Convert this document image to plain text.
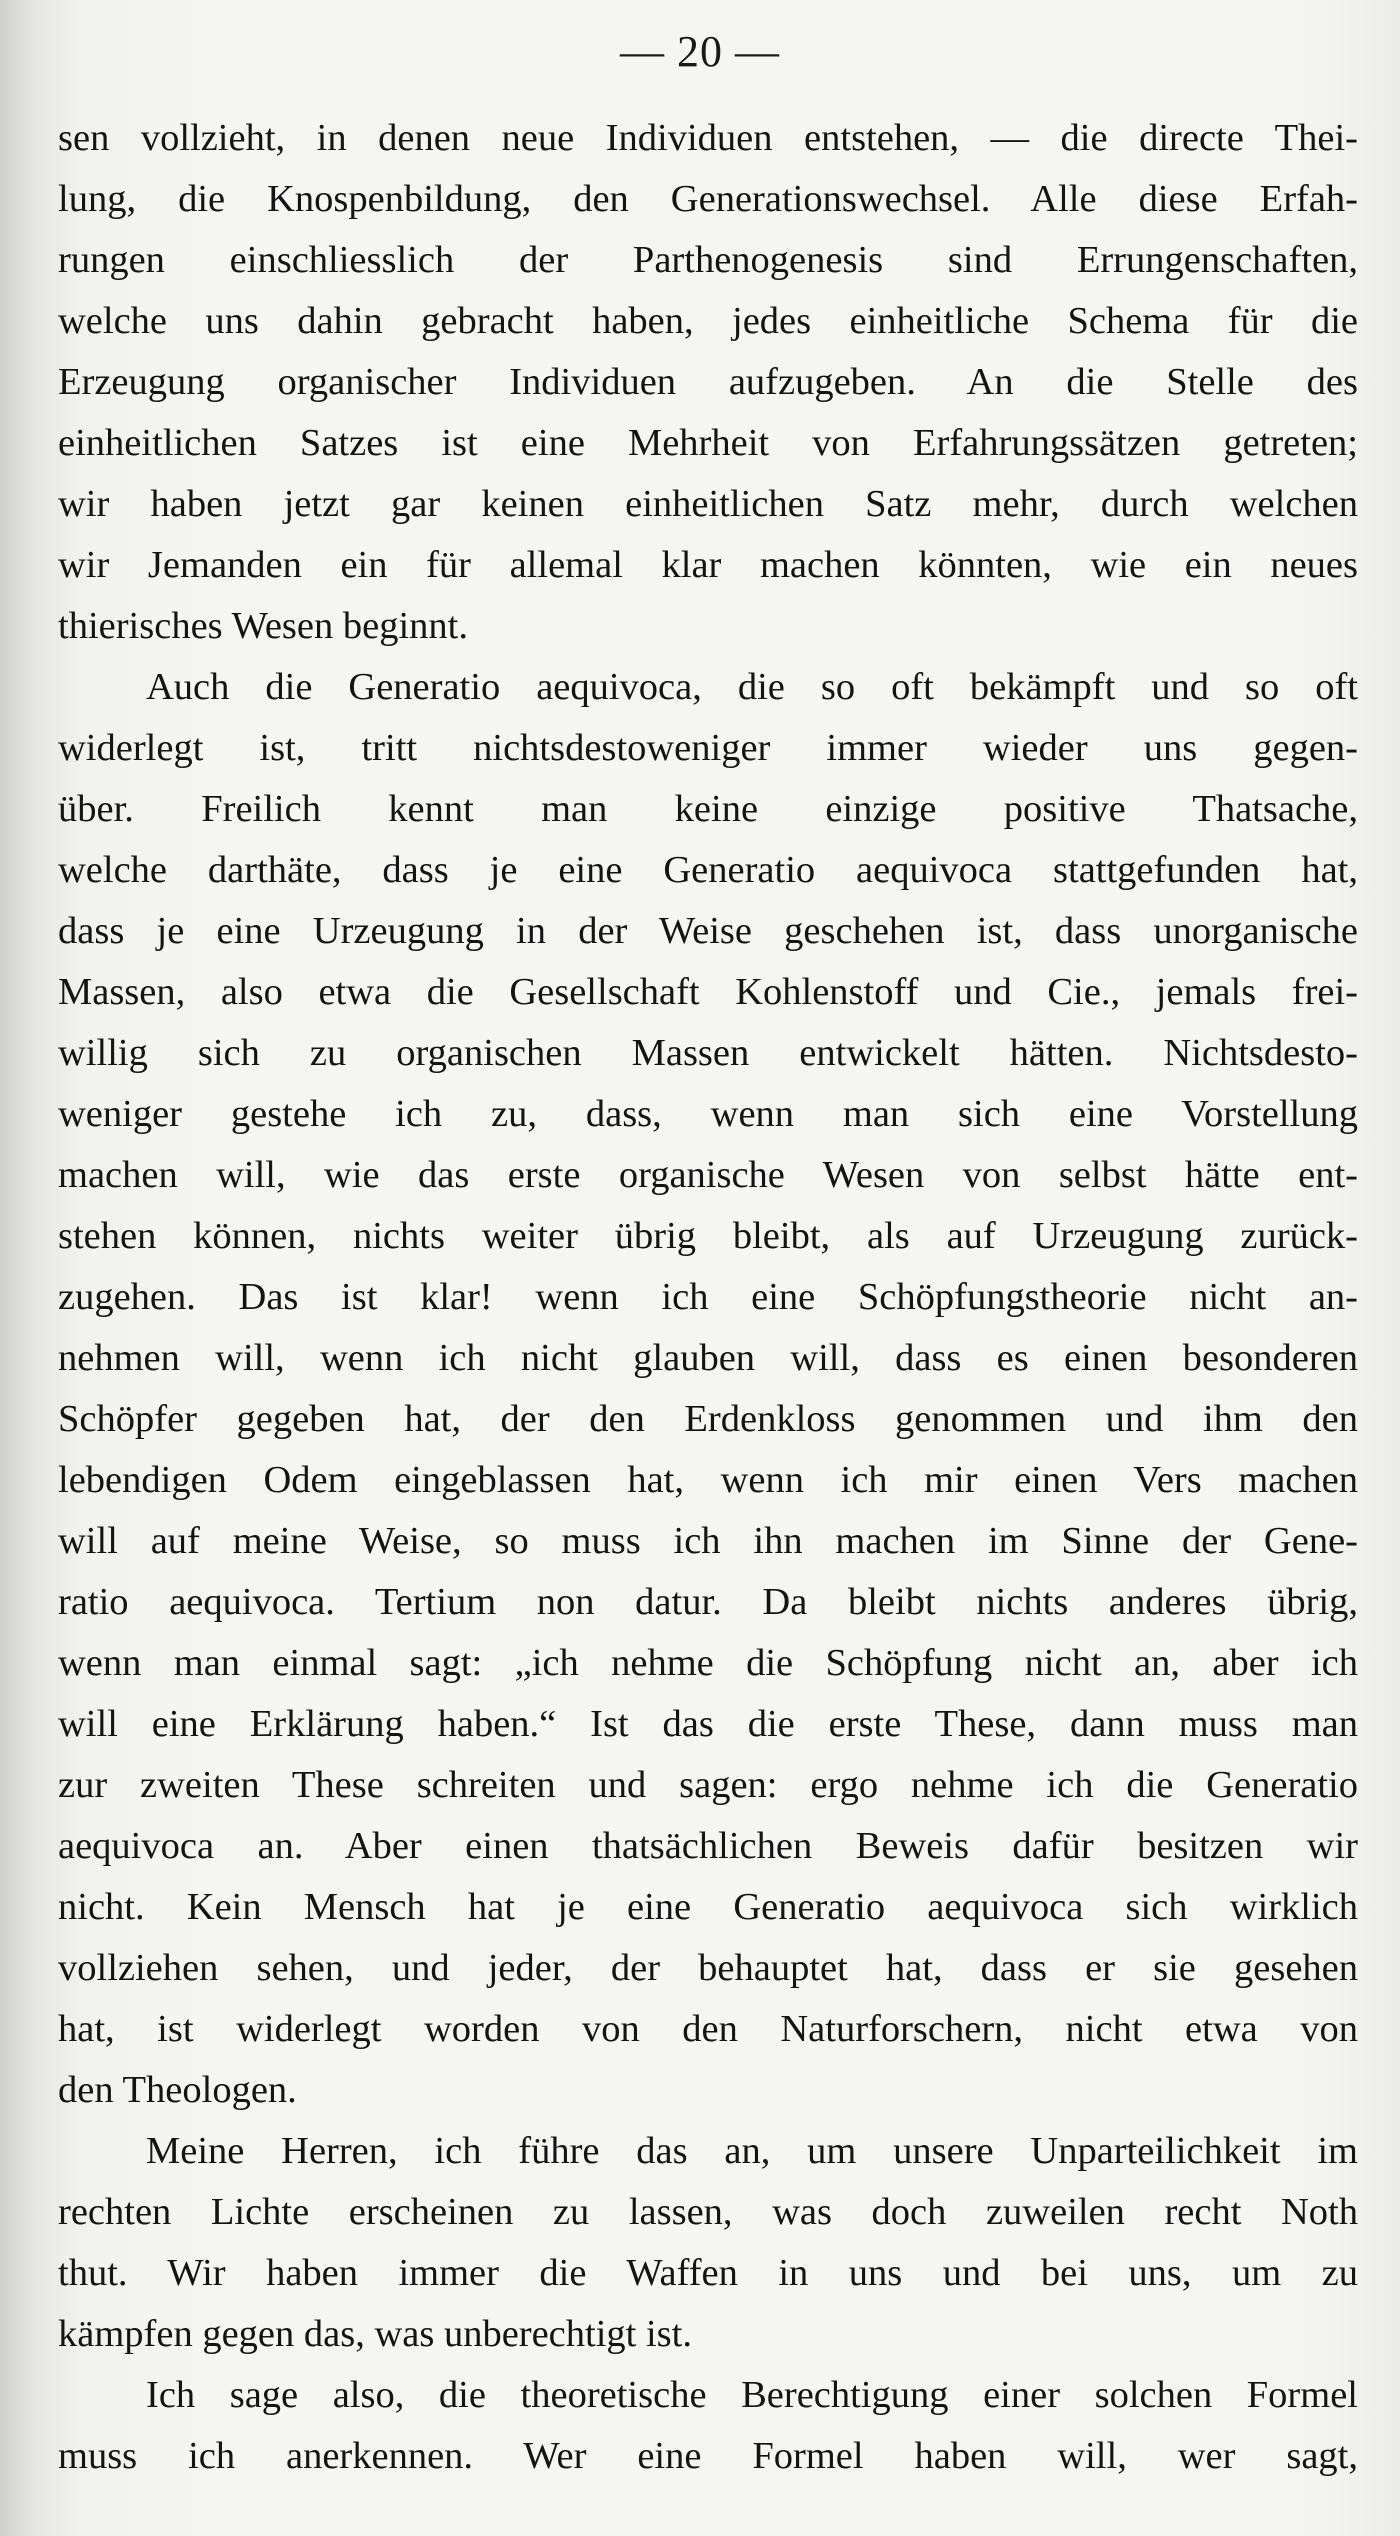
— 20 —
sen vollzieht, in denen neue Individuen entstehen, — die directe Thei-
lung, die Knospenbildung, den Generationswechsel. Alle diese Erfah-
rungen einschliesslich der Parthenogenesis sind Errungenschaften,
welche uns dahin gebracht haben, jedes einheitliche Schema für die
Erzeugung organischer Individuen aufzugeben. An die Stelle des
einheitlichen Satzes ist eine Mehrheit von Erfahrungssätzen getreten;
wir haben jetzt gar keinen einheitlichen Satz mehr, durch welchen
wir Jemanden ein für allemal klar machen könnten, wie ein neues
thierisches Wesen beginnt.
Auch die Generatio aequivoca, die so oft bekämpft und so oft
widerlegt ist, tritt nichtsdestoweniger immer wieder uns gegen-
über. Freilich kennt man keine einzige positive Thatsache,
welche darthäte, dass je eine Generatio aequivoca stattgefunden hat,
dass je eine Urzeugung in der Weise geschehen ist, dass unorganische
Massen, also etwa die Gesellschaft Kohlenstoff und Cie., jemals frei-
willig sich zu organischen Massen entwickelt hätten. Nichtsdesto-
weniger gestehe ich zu, dass, wenn man sich eine Vorstellung
machen will, wie das erste organische Wesen von selbst hätte ent-
stehen können, nichts weiter übrig bleibt, als auf Urzeugung zurück-
zugehen. Das ist klar! wenn ich eine Schöpfungstheorie nicht an-
nehmen will, wenn ich nicht glauben will, dass es einen besonderen
Schöpfer gegeben hat, der den Erdenkloss genommen und ihm den
lebendigen Odem eingeblassen hat, wenn ich mir einen Vers machen
will auf meine Weise, so muss ich ihn machen im Sinne der Gene-
ratio aequivoca. Tertium non datur. Da bleibt nichts anderes übrig,
wenn man einmal sagt: „ich nehme die Schöpfung nicht an, aber ich
will eine Erklärung haben.“ Ist das die erste These, dann muss man
zur zweiten These schreiten und sagen: ergo nehme ich die Generatio
aequivoca an. Aber einen thatsächlichen Beweis dafür besitzen wir
nicht. Kein Mensch hat je eine Generatio aequivoca sich wirklich
vollziehen sehen, und jeder, der behauptet hat, dass er sie gesehen
hat, ist widerlegt worden von den Naturforschern, nicht etwa von
den Theologen.
Meine Herren, ich führe das an, um unsere Unparteilichkeit im
rechten Lichte erscheinen zu lassen, was doch zuweilen recht Noth
thut. Wir haben immer die Waffen in uns und bei uns, um zu
kämpfen gegen das, was unberechtigt ist.
Ich sage also, die theoretische Berechtigung einer solchen Formel
muss ich anerkennen. Wer eine Formel haben will, wer sagt,
